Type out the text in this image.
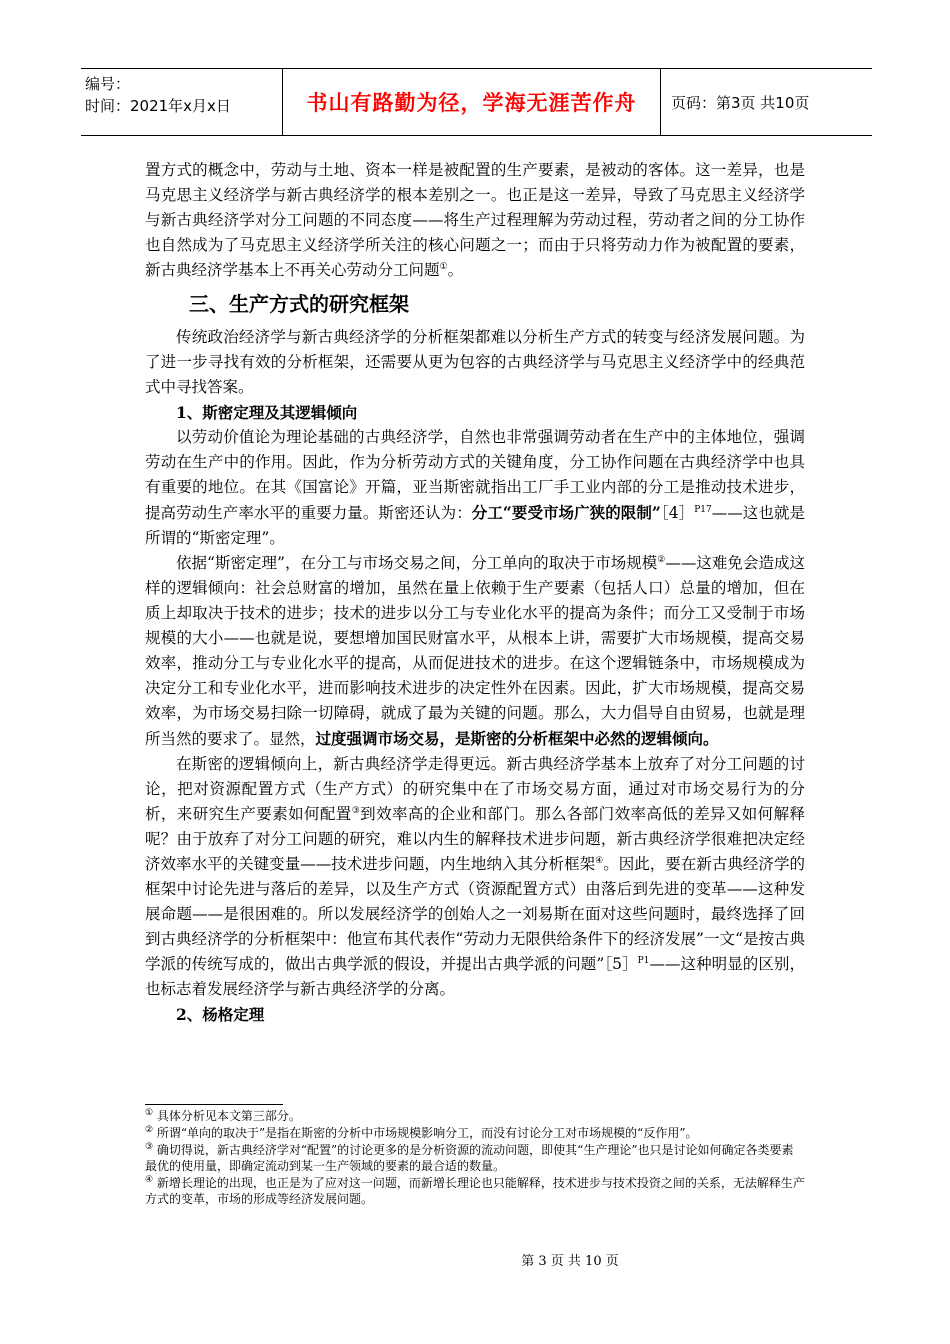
编号：
时间：2021年x月x日	书山有路勤为径，学海无涯苦作舟	页码：第3页 共10页

置方式的概念中，劳动与土地、资本一样是被配置的生产要素，是被动的客体。这一差异，也是马克思主义经济学与新古典经济学的根本差别之一。也正是这一差异，导致了马克思主义经济学与新古典经济学对分工问题的不同态度——将生产过程理解为劳动过程，劳动者之间的分工协作也自然成为了马克思主义经济学所关注的核心问题之一；而由于只将劳动力作为被配置的要素，新古典经济学基本上不再关心劳动分工问题①。

三、生产方式的研究框架

传统政治经济学与新古典经济学的分析框架都难以分析生产方式的转变与经济发展问题。为了进一步寻找有效的分析框架，还需要从更为包容的古典经济学与马克思主义经济学中的经典范式中寻找答案。

1、斯密定理及其逻辑倾向

以劳动价值论为理论基础的古典经济学，自然也非常强调劳动者在生产中的主体地位，强调劳动在生产中的作用。因此，作为分析劳动方式的关键角度，分工协作问题在古典经济学中也具有重要的地位。在其《国富论》开篇，亚当斯密就指出工厂手工业内部的分工是推动技术进步，提高劳动生产率水平的重要力量。斯密还认为：分工“要受市场广狭的限制”［4］$^{P17}$——这也就是所谓的“斯密定理”。

依据“斯密定理”，在分工与市场交易之间，分工单向的取决于市场规模②——这难免会造成这样的逻辑倾向：社会总财富的增加，虽然在量上依赖于生产要素（包括人口）总量的增加，但在质上却取决于技术的进步；技术的进步以分工与专业化水平的提高为条件；而分工又受制于市场规模的大小——也就是说，要想增加国民财富水平，从根本上讲，需要扩大市场规模，提高交易效率，推动分工与专业化水平的提高，从而促进技术的进步。在这个逻辑链条中，市场规模成为决定分工和专业化水平，进而影响技术进步的决定性外在因素。因此，扩大市场规模，提高交易效率，为市场交易扫除一切障碍，就成了最为关键的问题。那么，大力倡导自由贸易，也就是理所当然的要求了。显然，过度强调市场交易，是斯密的分析框架中必然的逻辑倾向。

在斯密的逻辑倾向上，新古典经济学走得更远。新古典经济学基本上放弃了对分工问题的讨论，把对资源配置方式（生产方式）的研究集中在了市场交易方面，通过对市场交易行为的分析，来研究生产要素如何配置③到效率高的企业和部门。那么各部门效率高低的差异又如何解释呢？由于放弃了对分工问题的研究，难以内生的解释技术进步问题，新古典经济学很难把决定经济效率水平的关键变量——技术进步问题，内生地纳入其分析框架④。因此，要在新古典经济学的框架中讨论先进与落后的差异，以及生产方式（资源配置方式）由落后到先进的变革——这种发展命题——是很困难的。所以发展经济学的创始人之一刘易斯在面对这些问题时，最终选择了回到古典经济学的分析框架中：他宣布其代表作“劳动力无限供给条件下的经济发展”一文“是按古典学派的传统写成的，做出古典学派的假设，并提出古典学派的问题”［5］$^{P1}$——这种明显的区别，也标志着发展经济学与新古典经济学的分离。

2、杨格定理

① 具体分析见本文第三部分。

② 所谓“单向的取决于”是指在斯密的分析中市场规模影响分工，而没有讨论分工对市场规模的“反作用”。

③ 确切得说，新古典经济学对“配置”的讨论更多的是分析资源的流动问题，即使其“生产理论”也只是讨论如何确定各类要素最优的使用量，即确定流动到某一生产领域的要素的最合适的数量。

④ 新增长理论的出现，也正是为了应对这一问题，而新增长理论也只能解释，技术进步与技术投资之间的关系，无法解释生产方式的变革，市场的形成等经济发展问题。

第 3 页 共 10 页
